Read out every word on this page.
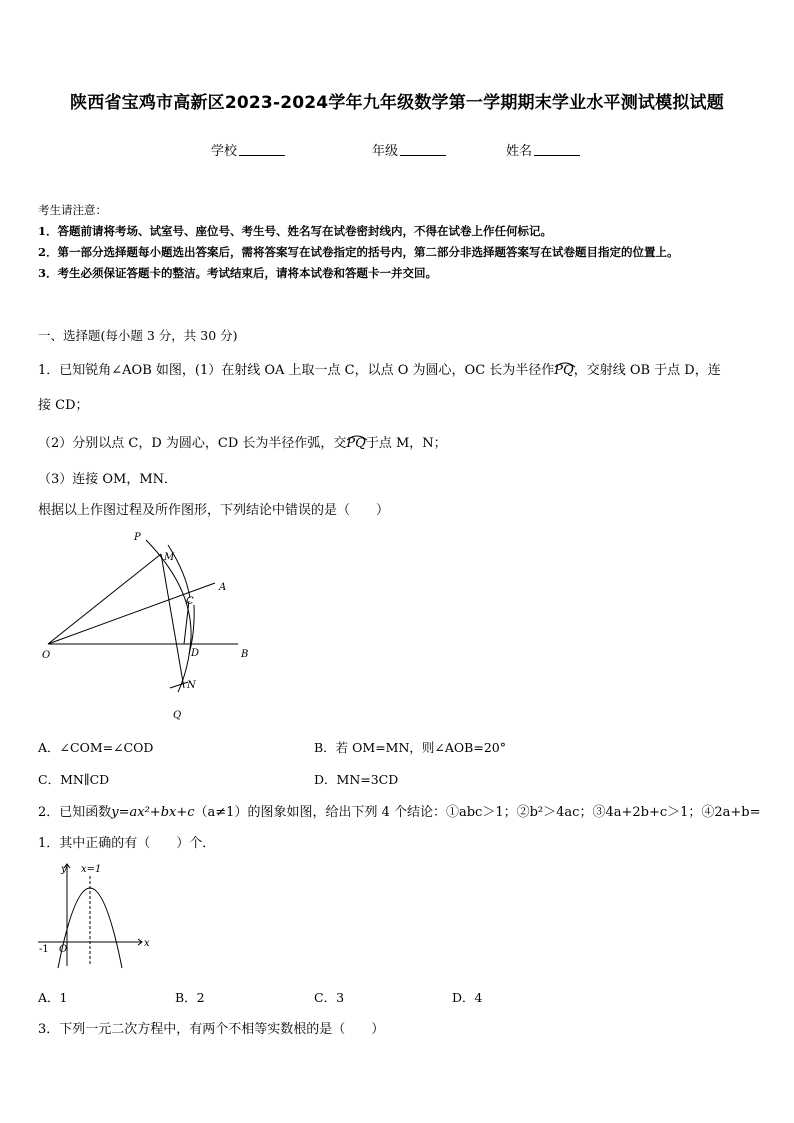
陕西省宝鸡市高新区2023-2024学年九年级数学第一学期期末学业水平测试模拟试题
学校	年级	姓名
考生请注意：
1．答题前请将考场、试室号、座位号、考生号、姓名写在试卷密封线内，不得在试卷上作任何标记。
2．第一部分选择题每小题选出答案后，需将答案写在试卷指定的括号内，第二部分非选择题答案写在试卷题目指定的位置上。
3．考生必须保证答题卡的整洁。考试结束后，请将本试卷和答题卡一并交回。
一、选择题(每小题 3 分，共 30 分)
1．已知锐角∠AOB 如图，(1）在射线 OA 上取一点 C，以点 O 为圆心，OC 长为半径作PQ
，交射线 OB 于点 D，连
接 CD；
（2）分别以点 C，D 为圆心，CD 长为半径作弧，交PQ
于点 M，N；
（3）连接 OM，MN．
根据以上作图过程及所作图形，下列结论中错误的是（　　）
P
M
A
C
O	D	B
N
Q
A．∠COM=∠COD	B．若 OM=MN，则∠AOB=20°
C．MN∥CD	D．MN=3CD
2．已知函数y=ax²+bx+c（a≠1）的图象如图，给出下列 4 个结论：①abc＞1；②b²＞4ac；③4a+2b+c＞1；④2a+b=
1．其中正确的有（　　）个．
y
x
x=1
O
-1
A．1	B．2	C．3	D．4
3．下列一元二次方程中，有两个不相等实数根的是（　　）
